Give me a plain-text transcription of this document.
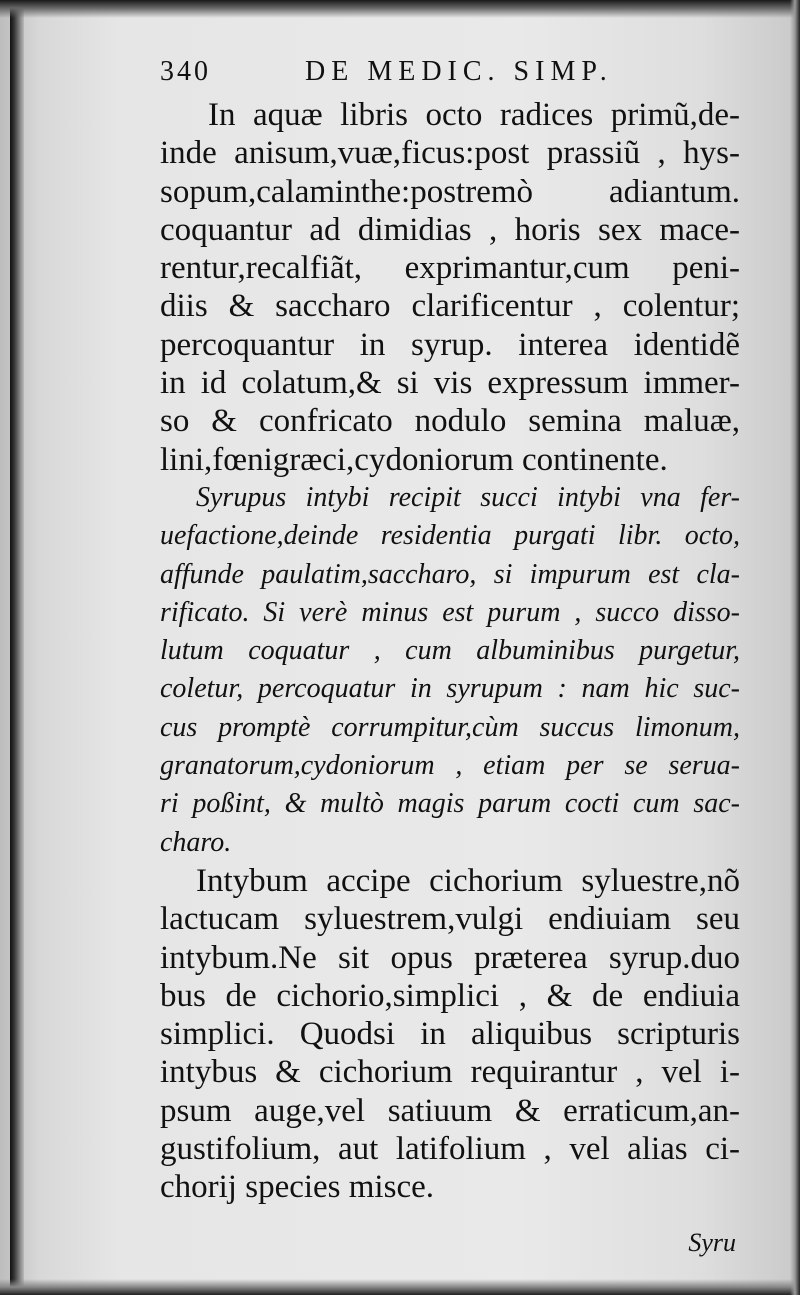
340	DE MEDIC. SIMP.
In aquæ libris octo radices primũ,de-
inde anisum,vuæ,ficus:post prassiũ , hys-
sopum,calaminthe:postremò adiantum.
coquantur ad dimidias , horis sex mace-
rentur,recalfiãt, exprimantur,cum peni-
diis & saccharo clarificentur , colentur;
percoquantur in syrup. interea identidẽ
in id colatum,& si vis expressum immer-
so & confricato nodulo semina maluæ,
lini,fœnigræci,cydoniorum continente.
Syrupus intybi recipit succi intybi vna fer-
uefactione,deinde residentia purgati libr. octo,
affunde paulatim,saccharo, si impurum est cla-
rificato. Si verè minus est purum , succo disso-
lutum coquatur , cum albuminibus purgetur,
coletur, percoquatur in syrupum : nam hic suc-
cus promptè corrumpitur,cùm succus limonum,
granatorum,cydoniorum , etiam per se serua-
ri poßint, & multò magis parum cocti cum sac-
charo.
Intybum accipe cichorium syluestre,nõ
lactucam syluestrem,vulgi endiuiam seu
intybum.Ne sit opus præterea syrup.duo
bus de cichorio,simplici , & de endiuia
simplici. Quodsi in aliquibus scripturis
intybus & cichorium requirantur , vel i-
psum auge,vel satiuum & erraticum,an-
gustifolium, aut latifolium , vel alias ci-
chorij species misce.
Syru
